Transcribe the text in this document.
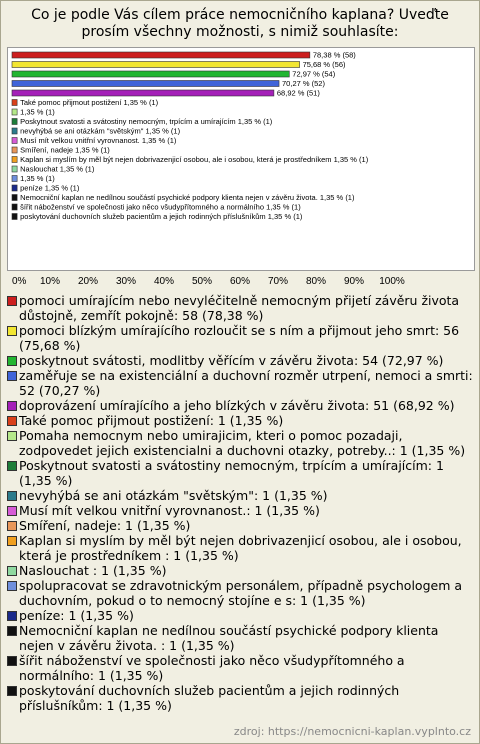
Co je podle Vás cílem práce nemocničního kaplana? Uveďte prosím všechny možnosti, s nimiž souhlasíte:
78,38 % (58)
75,68 % (56)
72,97 % (54)
70,27 % (52)
68,92 % (51)
Také pomoc přijmout postižení 1,35 % (1)
1,35 % (1)
Poskytnout svatosti a svátostiny nemocným, trpícím a umírajícím 1,35 % (1)
nevyhýbá se ani otázkám "světským" 1,35 % (1)
Musí mít velkou vnitřní vyrovnanost. 1,35 % (1)
Smíření, nadeje 1,35 % (1)
Kaplan si myslím by měl být nejen dobrivazenjicí osobou, ale i osobou, která je prostředníkem 1,35 % (1)
Naslouchat 1,35 % (1)
1,35 % (1)
peníze 1,35 % (1)
Nemocniční kaplan ne nedílnou součástí psychické podpory klienta nejen v závěru života. 1,35 % (1)
šířit náboženství ve společnosti jako něco všudypřítomného a normálního 1,35 % (1)
poskytování duchovních služeb pacientům a jejich rodinných příslušníkům 1,35 % (1)
0% 10% 20% 30% 40% 50% 60% 70% 80% 90% 100%
pomoci umírajícím nebo nevyléčitelně nemocným přijetí závěru života důstojně, zemřít pokojně: 58 (78,38 %)
pomoci blízkým umírajícího rozloučit se s ním a přijmout jeho smrt: 56 (75,68 %)
poskytnout svátosti, modlitby věřícím v závěru života: 54 (72,97 %)
zaměřuje se na existenciální a duchovní rozměr utrpení, nemoci a smrti: 52 (70,27 %)
doprovázení umírajícího a jeho blízkých v závěru života: 51 (68,92 %)
Také pomoc přijmout postižení: 1 (1,35 %)
Pomaha nemocnym nebo umirajicim, kteri o pomoc pozadaji, zodpovedet jejich existencialni a duchovni otazky, potreby..: 1 (1,35 %)
Poskytnout svatosti a svátostiny nemocným, trpícím a umírajícím: 1 (1,35 %)
nevyhýbá se ani otázkám "světským": 1 (1,35 %)
Musí mít velkou vnitřní vyrovnanost.: 1 (1,35 %)
Smíření, nadeje: 1 (1,35 %)
Kaplan si myslím by měl být nejen dobrivazenjicí osobou, ale i osobou, která je prostředníkem : 1 (1,35 %)
Naslouchat : 1 (1,35 %)
spolupracovat se zdravotnickým personálem, případně psychologem a duchovním, pokud o to nemocný stojíne e s: 1 (1,35 %)
peníze: 1 (1,35 %)
Nemocniční kaplan ne nedílnou součástí psychické podpory klienta nejen v závěru života. : 1 (1,35 %)
šířit náboženství ve společnosti jako něco všudypřítomného a normálního: 1 (1,35 %)
poskytování duchovních služeb pacientům a jejich rodinných příslušníkům: 1 (1,35 %)
zdroj: https://nemocnicni-kaplan.vyplnto.cz
